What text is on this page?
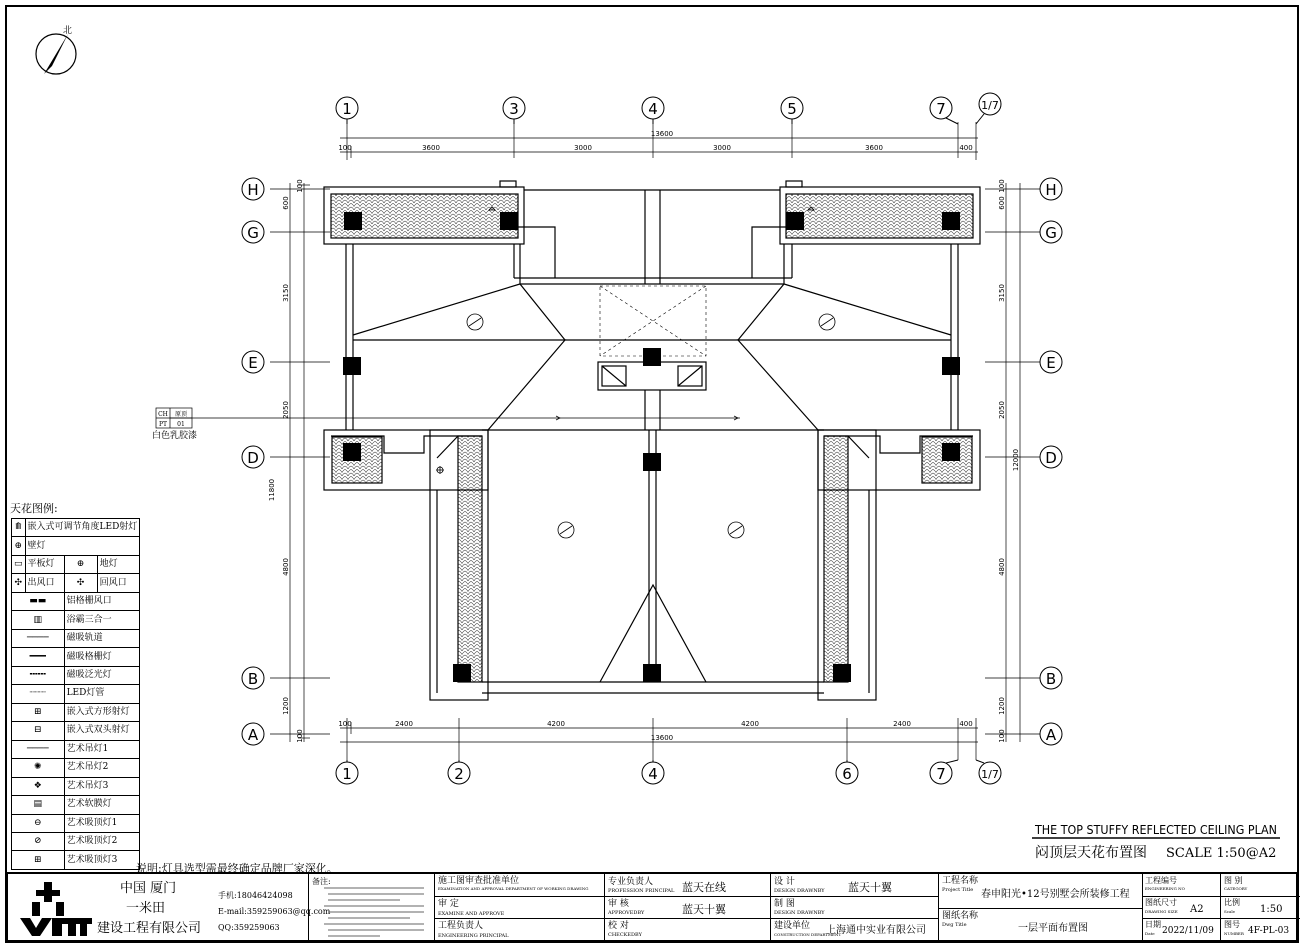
北
13600
100	3600	3000	3000	3600	400
100	2400	4200	4200	2400	400
13600
100
600
3150
2050
11800
4800
1200
100
100
600
3150
2050
12000
4800
1200
100
1	3	4	5	7	1/7
1	2	4	6	7	1/7
H
G
E
D
B
A
H
G
E
D
B
A
CH 原顶
PT 01
白色乳胶漆
THE TOP STUFFY REFLECTED CEILING PLAN
闷顶层天花布置图 SCALE 1:50@A2
天花图例:
⟰	嵌入式可调节角度LED射灯		
⊕	壁灯		
▭	平板灯	⊕	地灯
✣	出风口	✣	回风口
▬▬		铝格栅风口	
▥		浴霸三合一	
────		磁吸轨道	
━━━		磁吸格栅灯	
╍╍╍		磁吸泛光灯	
┈┈┈		LED灯管	
⊞		嵌入式方形射灯	
⊟		嵌入式双头射灯	
────		艺术吊灯1	
✺		艺术吊灯2	
❖		艺术吊灯3	
▤		艺术软膜灯	
⊖		艺术吸顶灯1	
⊘		艺术吸顶灯2	
⊞		艺术吸顶灯3	
说明:灯具选型需最终确定品牌厂家深化。
中国 厦门
一米田
建设工程有限公司
手机:18046424098
E-mail:359259063@qq.com
QQ:359259063
备注:	施工图审查批准单位
EXAMINATION AND APPROVAL DEPARTMENT OF WORKING DRAWING
审 定
EXAMINE AND APPROVE
工程负责人
ENGINEERING PRINCIPAL
专业负责人
PROFESSION PRINCIPAL 蓝天在线
审 核
APPROVEDBY	蓝天十翼
校 对
CHECKEDBY
设 计
DESIGN DRAWNBY 蓝天十翼
制 图
DESIGN DRAWNBY
建设单位
CONSTRUCTION DEPARTMENT
上海通中实业有限公司
工程名称
Project Title 春申阳光•12号别墅会所装修工程
图纸名称
Dwg Title	一层平面布置图
工程编号
ENGINEERING NO
图 别
CATEGORY
图纸尺寸
DRAWING SIZE A2
比例
Scale 1:50
日期
Date 2022/11/09
图号
NUMBER 4F-PL-03
